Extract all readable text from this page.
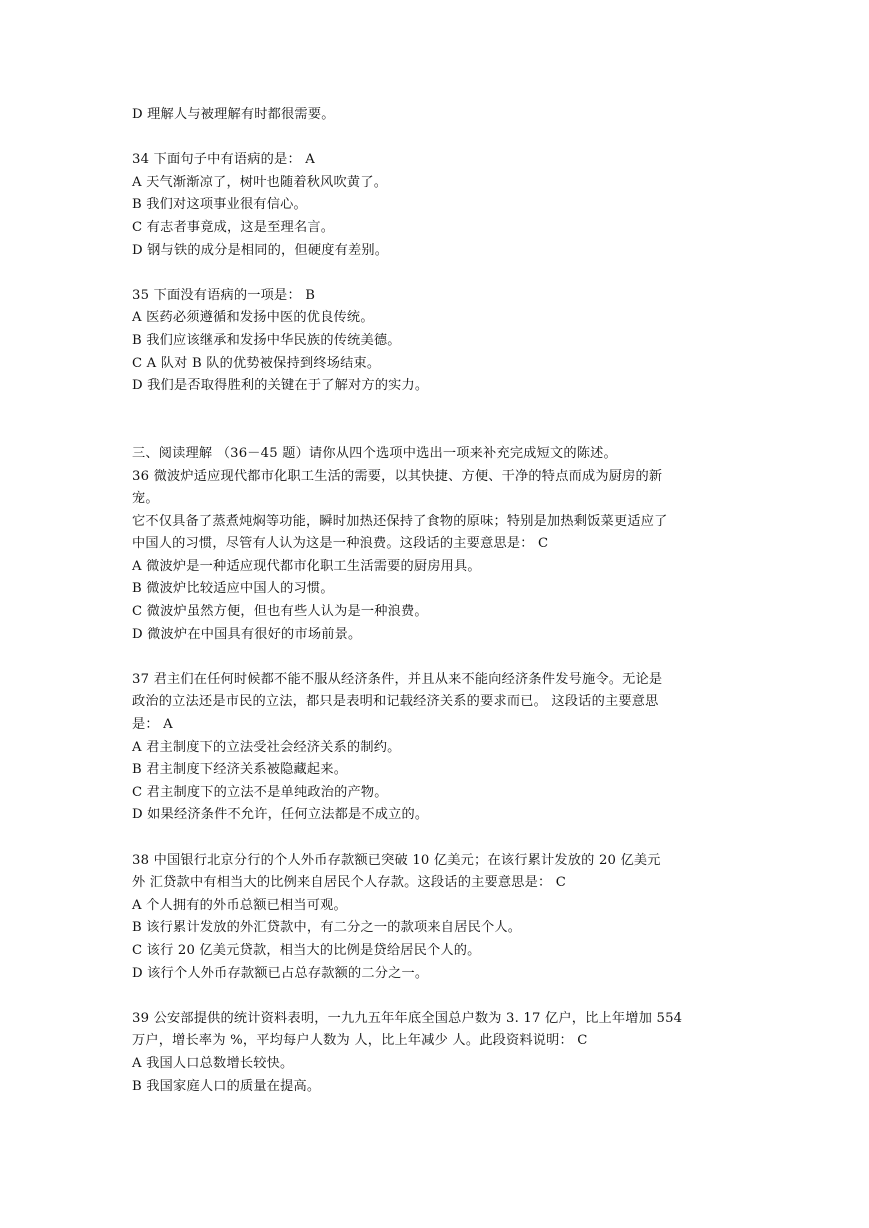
D 理解人与被理解有时都很需要。
34 下面句子中有语病的是： A
A 天气渐渐凉了，树叶也随着秋风吹黄了。
B 我们对这项事业很有信心。
C 有志者事竟成，这是至理名言。
D 钢与铁的成分是相同的，但硬度有差别。
35 下面没有语病的一项是： B
A 医药必须遵循和发扬中医的优良传统。
B 我们应该继承和发扬中华民族的传统美德。
C A 队对 B 队的优势被保持到终场结束。
D 我们是否取得胜利的关键在于了解对方的实力。
三、阅读理解 （36－45 题）请你从四个选项中选出一项来补充完成短文的陈述。
36 微波炉适应现代都市化职工生活的需要，以其快捷、方便、干净的特点而成为厨房的新
宠。
它不仅具备了蒸煮炖焖等功能，瞬时加热还保持了食物的原味；特别是加热剩饭菜更适应了
中国人的习惯，尽管有人认为这是一种浪费。这段话的主要意思是： C
A 微波炉是一种适应现代都市化职工生活需要的厨房用具。
B 微波炉比较适应中国人的习惯。
C 微波炉虽然方便，但也有些人认为是一种浪费。
D 微波炉在中国具有很好的市场前景。
37 君主们在任何时候都不能不服从经济条件，并且从来不能向经济条件发号施令。无论是
政治的立法还是市民的立法，都只是表明和记载经济关系的要求而已。 这段话的主要意思
是： A
A 君主制度下的立法受社会经济关系的制约。
B 君主制度下经济关系被隐藏起来。
C 君主制度下的立法不是单纯政治的产物。
D 如果经济条件不允许，任何立法都是不成立的。
38 中国银行北京分行的个人外币存款额已突破 10 亿美元；在该行累计发放的 20 亿美元
外 汇贷款中有相当大的比例来自居民个人存款。这段话的主要意思是： C
A 个人拥有的外币总额已相当可观。
B 该行累计发放的外汇贷款中，有二分之一的款项来自居民个人。
C 该行 20 亿美元贷款，相当大的比例是贷给居民个人的。
D 该行个人外币存款额已占总存款额的二分之一。
39 公安部提供的统计资料表明，一九九五年年底全国总户数为 3. 17 亿户，比上年增加 554
万户，增长率为 %，平均每户人数为 人，比上年减少 人。此段资料说明： C
A 我国人口总数增长较快。
B 我国家庭人口的质量在提高。
